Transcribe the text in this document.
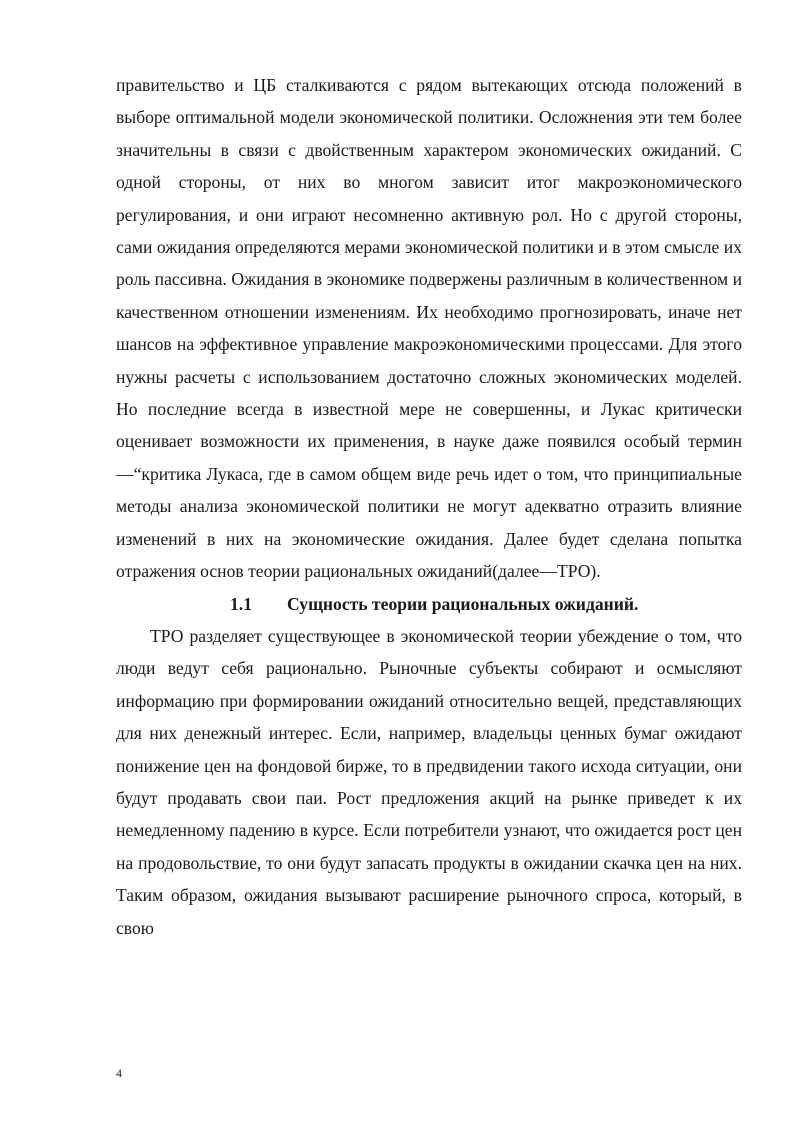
правительство и ЦБ сталкиваются с рядом вытекающих отсюда положений в выборе оптимальной модели экономической политики. Осложнения эти тем более значительны в связи с двойственным характером экономических ожиданий. С одной стороны, от них во многом зависит итог макроэкономического регулирования, и они играют несомненно активную рол. Но с другой стороны, сами ожидания определяются мерами экономической политики и в этом смысле их роль пассивна. Ожидания в экономике подвержены различным в количественном и качественном отношении изменениям. Их необходимо прогнозировать, иначе нет шансов на эффективное управление макроэкономическими процессами. Для этого нужны расчеты с использованием достаточно сложных экономических моделей. Но последние всегда в известной мере не совершенны, и Лукас критически оценивает возможности их применения, в науке даже появился особый термин—“критика Лукаса, где в самом общем виде речь идет о том, что принципиальные методы анализа экономической политики не могут адекватно отразить влияние изменений в них на экономические ожидания. Далее будет сделана попытка отражения основ теории рациональных ожиданий(далее—ТРО).

1.1 Сущность теории рациональных ожиданий.

ТРО разделяет существующее в экономической теории убеждение о том, что люди ведут себя рационально. Рыночные субъекты собирают и осмысляют информацию при формировании ожиданий относительно вещей, представляющих для них денежный интерес. Если, например, владельцы ценных бумаг ожидают понижение цен на фондовой бирже, то в предвидении такого исхода ситуации, они будут продавать свои паи. Рост предложения акций на рынке приведет к их немедленному падению в курсе. Если потребители узнают, что ожидается рост цен на продовольствие, то они будут запасать продукты в ожидании скачка цен на них. Таким образом, ожидания вызывают расширение рыночного спроса, который, в свою

4
